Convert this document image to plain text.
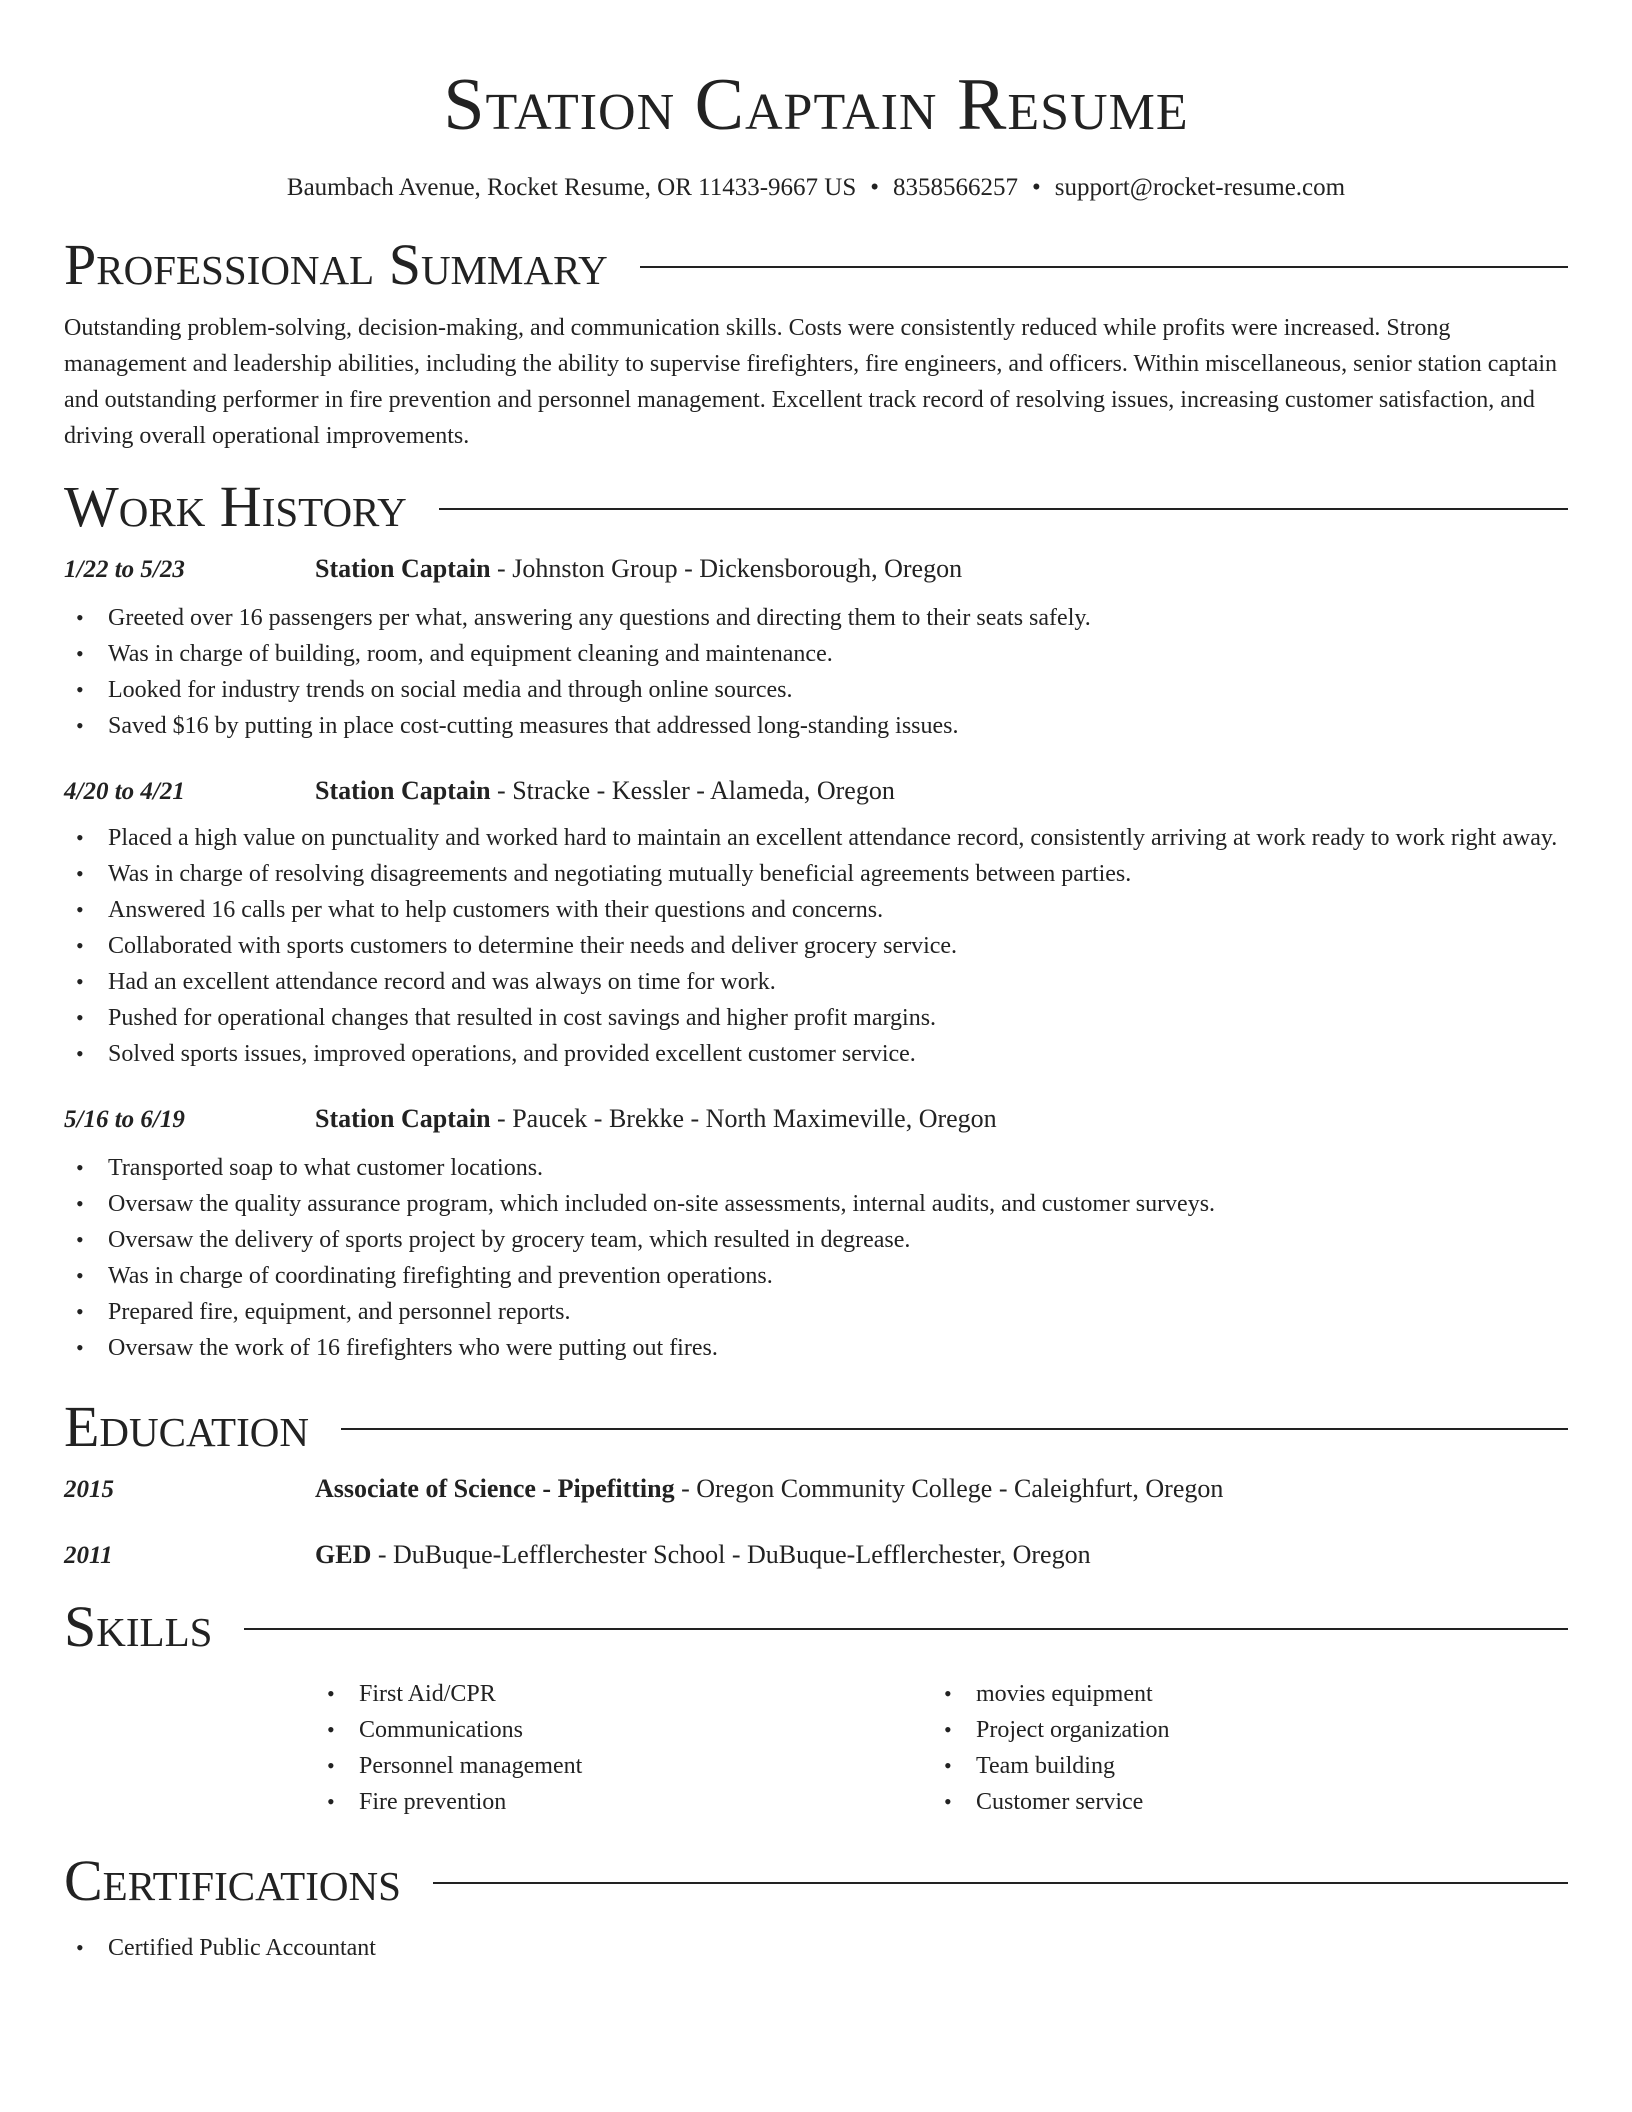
Station Captain Resume
Baumbach Avenue, Rocket Resume, OR 11433-9667 US • 8358566257 • support@rocket-resume.com
Professional Summary

Outstanding problem-solving, decision-making, and communication skills. Costs were consistently reduced while profits were increased. Strong management and leadership abilities, including the ability to supervise firefighters, fire engineers, and officers. Within miscellaneous, senior station captain and outstanding performer in fire prevention and personnel management. Excellent track record of resolving issues, increasing customer satisfaction, and driving overall operational improvements.

Work History
1/22 to 5/23	Station Captain - Johnston Group - Dickensborough, Oregon
• Greeted over 16 passengers per what, answering any questions and directing them to their seats safely.
• Was in charge of building, room, and equipment cleaning and maintenance.
• Looked for industry trends on social media and through online sources.
• Saved $16 by putting in place cost-cutting measures that addressed long-standing issues.
4/20 to 4/21	Station Captain - Stracke - Kessler - Alameda, Oregon
• Placed a high value on punctuality and worked hard to maintain an excellent attendance record, consistently arriving at work ready to work right away.
• Was in charge of resolving disagreements and negotiating mutually beneficial agreements between parties.
• Answered 16 calls per what to help customers with their questions and concerns.
• Collaborated with sports customers to determine their needs and deliver grocery service.
• Had an excellent attendance record and was always on time for work.
• Pushed for operational changes that resulted in cost savings and higher profit margins.
• Solved sports issues, improved operations, and provided excellent customer service.
5/16 to 6/19	Station Captain - Paucek - Brekke - North Maximeville, Oregon
• Transported soap to what customer locations.
• Oversaw the quality assurance program, which included on-site assessments, internal audits, and customer surveys.
• Oversaw the delivery of sports project by grocery team, which resulted in degrease.
• Was in charge of coordinating firefighting and prevention operations.
• Prepared fire, equipment, and personnel reports.
• Oversaw the work of 16 firefighters who were putting out fires.
Education
2015	Associate of Science - Pipefitting - Oregon Community College - Caleighfurt, Oregon
2011	GED - DuBuque-Lefflerchester School - DuBuque-Lefflerchester, Oregon
Skills
• First Aid/CPR
• Communications
• Personnel management
• Fire prevention
• movies equipment
• Project organization
• Team building
• Customer service
Certifications
• Certified Public Accountant
